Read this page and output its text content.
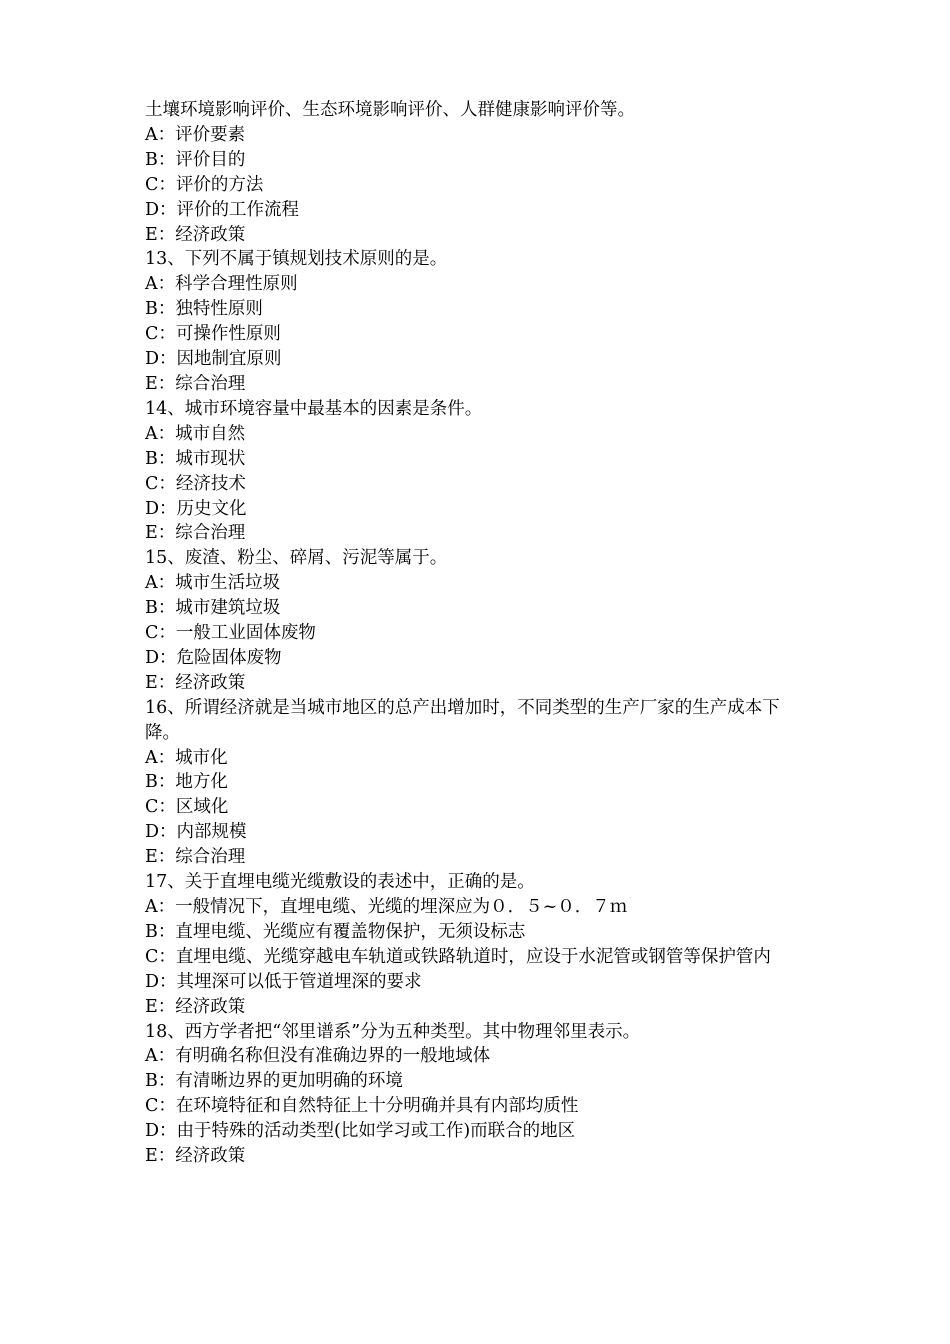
土壤环境影响评价、生态环境影响评价、人群健康影响评价等。

A：评价要素

B：评价目的

C：评价的方法

D：评价的工作流程

E：经济政策

13、下列不属于镇规划技术原则的是。

A：科学合理性原则

B：独特性原则

C：可操作性原则

D：因地制宜原则

E：综合治理

14、城市环境容量中最基本的因素是条件。

A：城市自然

B：城市现状

C：经济技术

D：历史文化

E：综合治理

15、废渣、粉尘、碎屑、污泥等属于。

A：城市生活垃圾

B：城市建筑垃圾

C：一般工业固体废物

D：危险固体废物

E：经济政策

16、所谓经济就是当城市地区的总产出增加时，不同类型的生产厂家的生产成本下降。

A：城市化

B：地方化

C：区域化

D：内部规模

E：综合治理

17、关于直埋电缆光缆敷设的表述中，正确的是。

A：一般情况下，直埋电缆、光缆的埋深应为０．５~０．７ｍ

B：直埋电缆、光缆应有覆盖物保护，无须设标志

C：直埋电缆、光缆穿越电车轨道或铁路轨道时，应设于水泥管或钢管等保护管内

D：其埋深可以低于管道埋深的要求

E：经济政策

18、西方学者把“邻里谱系”分为五种类型。其中物理邻里表示。

A：有明确名称但没有准确边界的一般地域体

B：有清晰边界的更加明确的环境

C：在环境特征和自然特征上十分明确并具有内部均质性

D：由于特殊的活动类型(比如学习或工作)而联合的地区

E：经济政策
